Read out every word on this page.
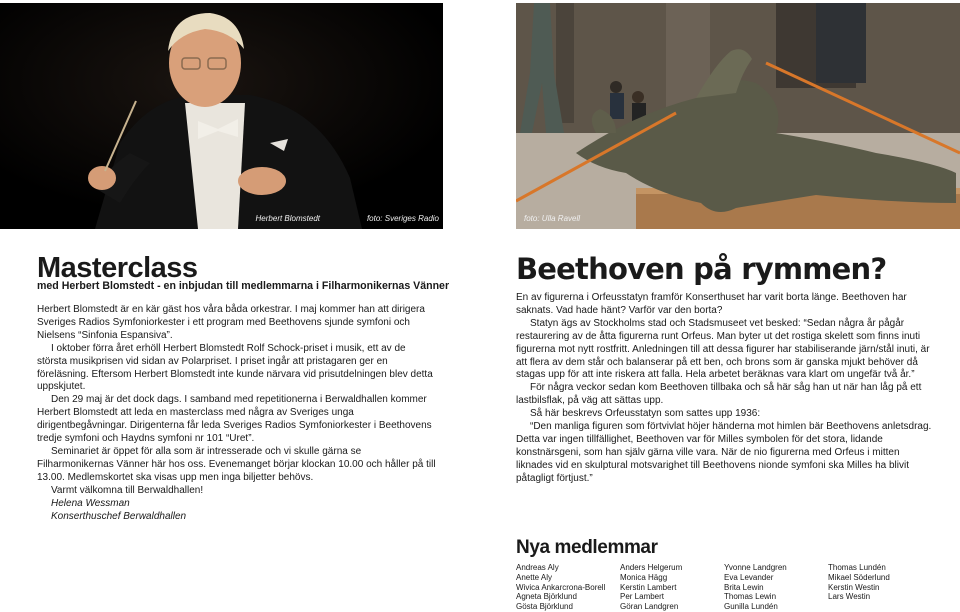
Herbert Blomstedt	foto: Sveriges Radio	foto: Ulla Ravell
Masterclass
med Herbert Blomstedt - en inbjudan till medlemmarna i Filharmonikernas Vänner

Herbert Blomstedt är en kär gäst hos våra båda orkestrar. I maj kommer han att dirigera Sveriges Radios Symfoniorkester i ett program med Beethovens sjunde symfoni och Nielsens “Sinfonia Espansiva”.

I oktober förra året erhöll Herbert Blomstedt Rolf Schock-priset i musik, ett av de största musikprisen vid sidan av Polarpriset. I priset ingår att pristagaren ger en föreläsning. Eftersom Herbert Blomstedt inte kunde närvara vid prisutdelningen blev detta uppskjutet.

Den 29 maj är det dock dags. I samband med repetitionerna i Berwaldhallen kommer Herbert Blomstedt att leda en masterclass med några av Sveriges unga dirigentbegåvningar. Dirigenterna får leda Sveriges Radios Symfoniorkester i Beethovens tredje symfoni och Haydns symfoni nr 101 “Uret”.

Seminariet är öppet för alla som är intresserade och vi skulle gärna se Filharmonikernas Vänner här hos oss. Evenemanget börjar klockan 10.00 och håller på till 13.00. Medlemskortet ska visas upp men inga biljetter behövs.

Varmt välkomna till Berwaldhallen!

Helena Wessman

Konserthuschef Berwaldhallen

Beethoven på rymmen?

En av figurerna i Orfeusstatyn framför Konserthuset har varit borta länge. Beethoven har saknats. Vad hade hänt? Varför var den borta?

Statyn ägs av Stockholms stad och Stadsmuseet vet besked: “Sedan några år pågår restaurering av de åtta figurerna runt Orfeus. Man byter ut det rostiga skelett som finns inuti figurerna mot nytt rostfritt. Anledningen till att dessa figurer har stabiliserande järn/stål inuti, är att flera av dem står och balanserar på ett ben, och brons som är ganska mjukt behöver då stagas upp för att inte riskera att falla. Hela arbetet beräknas vara klart om ungefär två år.”

För några veckor sedan kom Beethoven tillbaka och så här såg han ut när han låg på ett lastbilsflak, på väg att sättas upp.

Så här beskrevs Orfeusstatyn som sattes upp 1936:

“Den manliga figuren som förtvivlat höjer händerna mot himlen bär Beethovens anletsdrag. Detta var ingen tillfällighet, Beethoven var för Milles symbolen för det stora, lidande konstnärsgeni, som han själv gärna ville vara. När de nio figurerna med Orfeus i mitten liknades vid en skulptural motsvarighet till Beethovens nionde symfoni ska Milles ha blivit påtagligt förtjust.”

Nya medlemmar
Andreas Aly
Anette Aly
Wivica Ankarcrona-Borell
Agneta Björklund
Gösta Björklund
Anders Helgerum
Monica Hägg
Kerstin Lambert
Per Lambert
Göran Landgren
Yvonne Landgren
Eva Levander
Brita Lewin
Thomas Lewin
Gunilla Lundén
Thomas Lundén
Mikael Söderlund
Kerstin Westin
Lars Westin
